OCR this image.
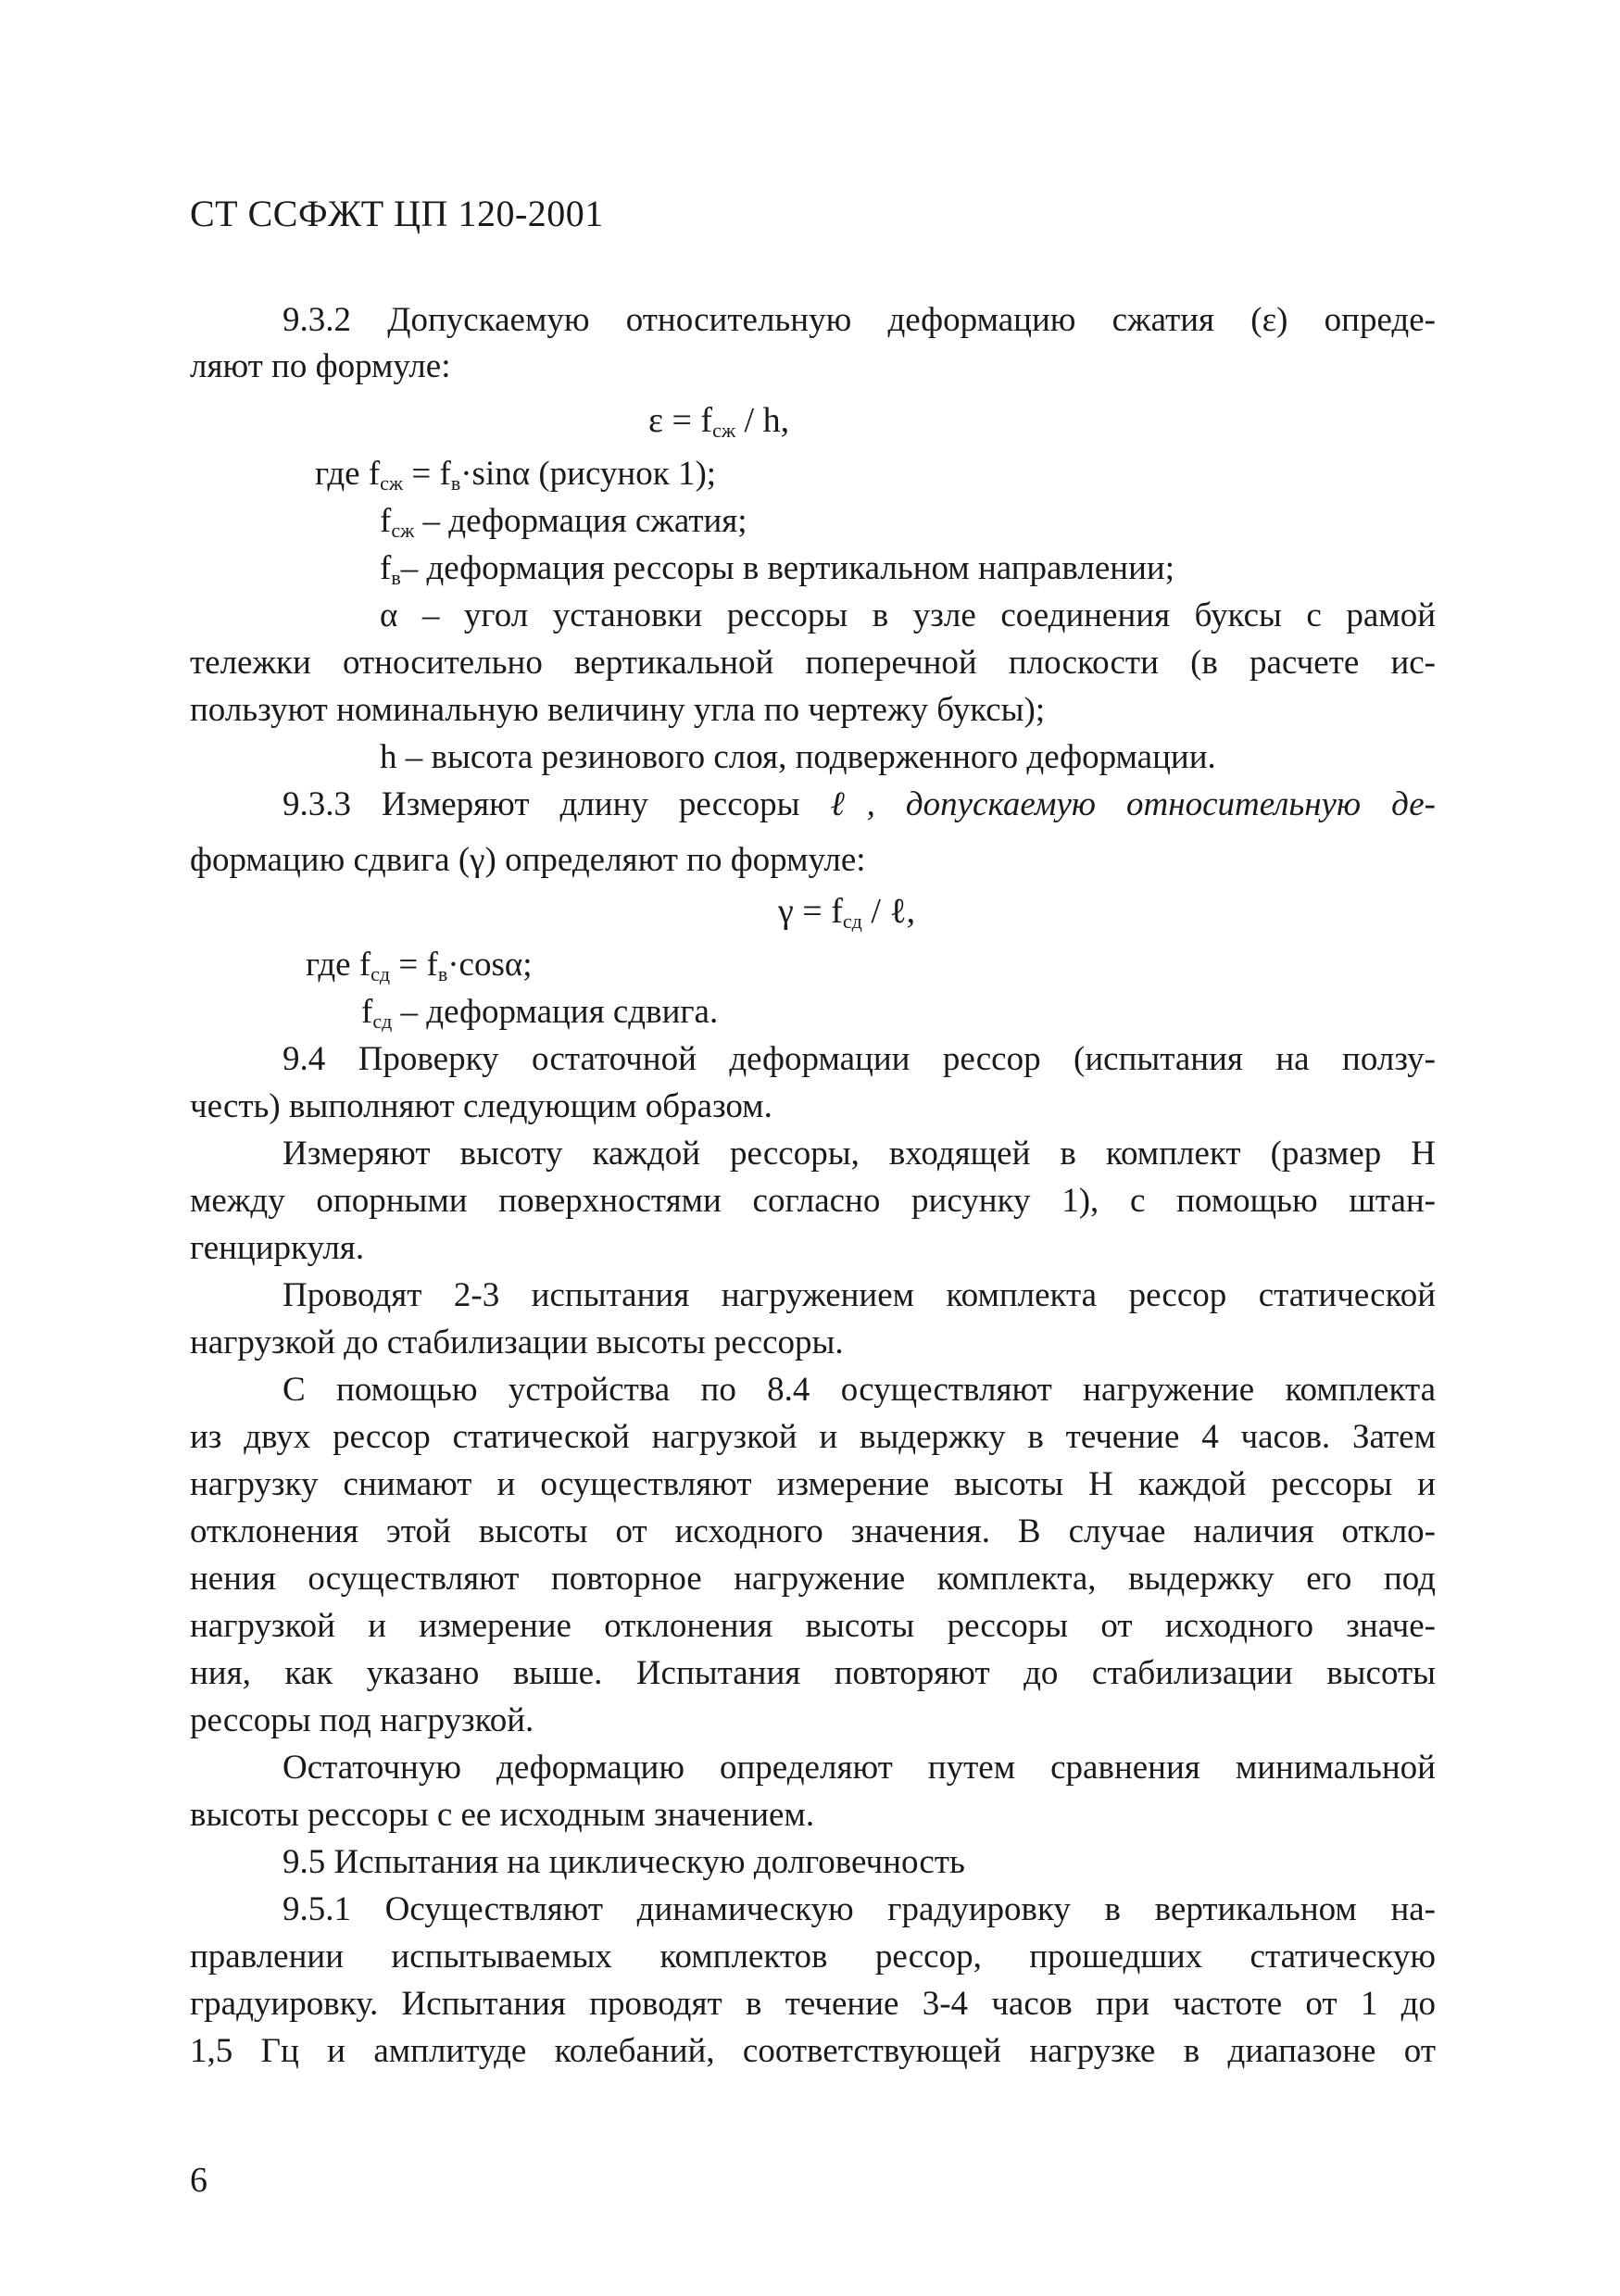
СТ ССФЖТ ЦП 120-2001
9.3.2 Допускаемую относительную деформацию сжатия (ε) опреде-
ляют по формуле:
$\varepsilon = f_{сж} / h$,
где $f_{сж} = f_в\cdot\sin\alpha$ (рисунок 1);
$f_{сж}$ – деформация сжатия;
$f_в-$ деформация рессоры в вертикальном направлении;
α – угол установки рессоры в узле соединения буксы с рамой
тележки относительно вертикальной поперечной плоскости (в расчете ис-
пользуют номинальную величину угла по чертежу буксы);
h – высота резинового слоя, подверженного деформации.
9.3.3 Измеряют длину рессоры ℓ, допускаемую относительную де-
формацию сдвига (γ) определяют по формуле:
$\gamma = f_{сд}$ / ℓ,
где $f_{сд} = f_в\cdot\cos\alpha$;
$f_{сд}$ – деформация сдвига.
9.4 Проверку остаточной деформации рессор (испытания на ползу-
честь) выполняют следующим образом.
Измеряют высоту каждой рессоры, входящей в комплект (размер H
между опорными поверхностями согласно рисунку 1), с помощью штан-
генциркуля.
Проводят 2-3 испытания нагружением комплекта рессор статической
нагрузкой до стабилизации высоты рессоры.
С помощью устройства по 8.4 осуществляют нагружение комплекта
из двух рессор статической нагрузкой и выдержку в течение 4 часов. Затем
нагрузку снимают и осуществляют измерение высоты H каждой рессоры и
отклонения этой высоты от исходного значения. В случае наличия откло-
нения осуществляют повторное нагружение комплекта, выдержку его под
нагрузкой и измерение отклонения высоты рессоры от исходного значе-
ния, как указано выше. Испытания повторяют до стабилизации высоты
рессоры под нагрузкой.
Остаточную деформацию определяют путем сравнения минимальной
высоты рессоры с ее исходным значением.
9.5 Испытания на циклическую долговечность
9.5.1 Осуществляют динамическую градуировку в вертикальном на-
правлении испытываемых комплектов рессор, прошедших статическую
градуировку. Испытания проводят в течение 3-4 часов при частоте от 1 до
1,5 Гц и амплитуде колебаний, соответствующей нагрузке в диапазоне от
6
